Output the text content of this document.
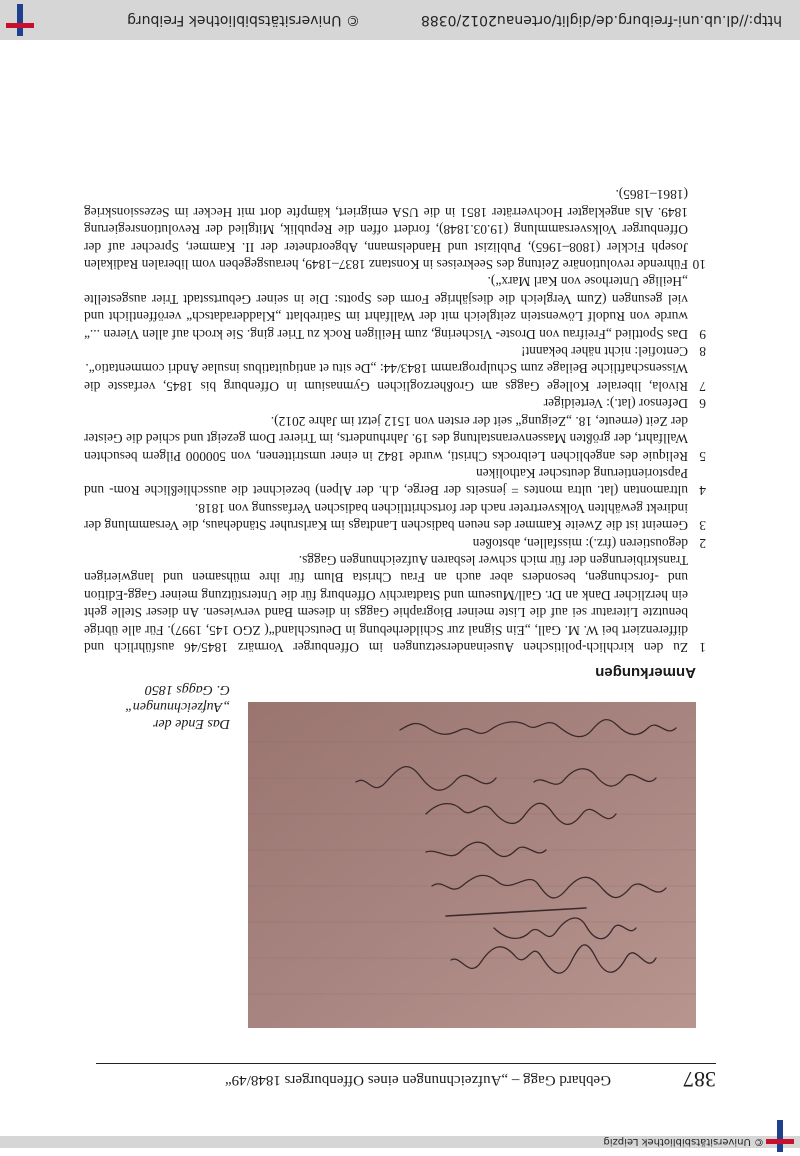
© Universitätsbibliothek Leipzig
387
Gebhard Gagg – „Aufzeichnungen eines Offenburgers 1848/49“
Das Ende der
„Aufzeichnungen“
G. Gaggs 1850
Anmerkungen
1
Zu den kirchlich-politischen Auseinandersetzungen im Offenburger Vormärz 1845/46 ausführlich und differenziert bei W. M. Gall, „Ein Signal zur Schilderhebung in Deutschland“( ZGO 145, 1997). Für alle übrige benutzte Literatur sei auf die Liste meiner Biographie Gaggs in diesem Band verwiesen. An dieser Stelle geht ein herzlicher Dank an Dr. Gall/Museum und Stadtarchiv Offenburg für die Unterstützung meiner Gagg-Edition und -forschungen, besonders aber auch an Frau Christa Blum für ihre mühsamen und langwierigen Transkribierungen der für mich schwer lesbaren Aufzeichnungen Gaggs.
2
degoustieren (frz.): missfallen, abstoßen
3
Gemeint ist die Zweite Kammer des neuen badischen Landtags im Karlsruher Ständehaus, die Versammlung der indirekt gewählten Volksvertreter nach der fortschrittlichen badischen Verfassung von 1818.
4
ultramontan (lat. ultra montes = jenseits der Berge, d.h. der Alpen) bezeichnet die ausschließliche Rom- und Papstorientierung deutscher Katholiken
5
Reliquie des angeblichen Leibrocks Christi, wurde 1842 in einer umstrittenen, von 500000 Pilgern besuchten Wallfahrt, der größten Massenveranstaltung des 19. Jahrhunderts, im Trierer Dom gezeigt und schied die Geister der Zeit (erneute, 18. „Zeigung“ seit der ersten von 1512 jetzt im Jahre 2012).
6
Defensor (lat.): Verteidiger
7
Rivola, liberaler Kollege Gaggs am Großherzoglichen Gymnasium in Offenburg bis 1845, verfasste die Wissenschaftliche Beilage zum Schulprogramm 1843/44: „De situ et antiquitatibus insulae Andri commentatio“.
8
Centofiel: nicht näher bekannt!
9
Das Spottlied „Freifrau von Droste- Vischering, zum Heiligen Rock zu Trier ging. Sie kroch auf allen Vieren ...“ wurde von Rudolf Löwenstein zeitgleich mit der Wallfahrt im Satireblatt „Kladderadatsch“ veröffentlicht und viel gesungen (Zum Vergleich die diesjährige Form des Spotts: Die in seiner Geburtsstadt Trier ausgestellte „Heilige Unterhose von Karl Marx“).
10
Führende revolutionäre Zeitung des Seekreises in Konstanz 1837–1849, herausgegeben vom liberalen Radikalen Joseph Fickler (1808–1965), Publizist und Handelsmann, Abgeordneter der II. Kammer, Sprecher auf der Offenburger Volksversammlung (19.03.1848), fordert offen die Republik, Mitglied der Revolutionsregierung 1849. Als angeklagter Hochverräter 1851 in die USA emigriert, kämpfte dort mit Hecker im Sezessionskrieg (1861–1865).
http://dl.ub.uni-freiburg.de/diglit/ortenau2012/0388
© Universitätsbibliothek Freiburg
